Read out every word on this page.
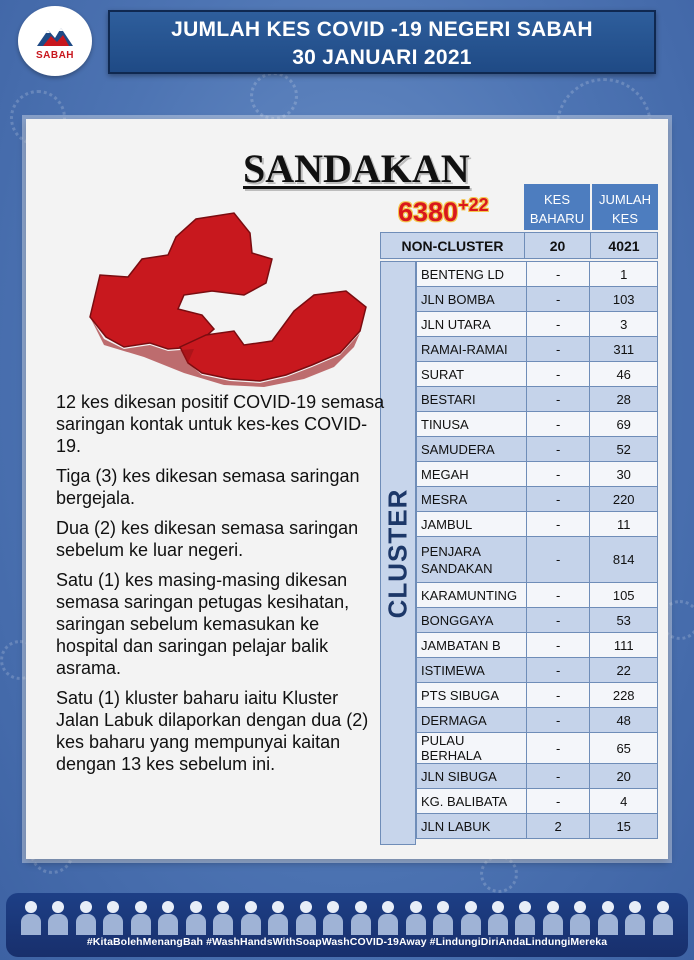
SABAH
JUMLAH KES COVID -19 NEGERI SABAH
30 JANUARI 2021
SANDAKAN
$6380^{+22}$	KES BAHARU
JUMLAH KES
NON-CLUSTER	20	4021
CLUSTER
BENTENG LD	-	1
JLN BOMBA	-	103
JLN UTARA	-	3
RAMAI-RAMAI	-	311
SURAT	-	46
BESTARI	-	28
TINUSA	-	69
SAMUDERA	-	52
MEGAH	-	30
MESRA	-	220
JAMBUL	-	11
PENJARA SANDAKAN	-	814
KARAMUNTING	-	105
BONGGAYA	-	53
JAMBATAN B	-	111
ISTIMEWA	-	22
PTS SIBUGA	-	228
DERMAGA	-	48
PULAU BERHALA	-	65
JLN SIBUGA	-	20
KG. BALIBATA	-	4
JLN LABUK	2	15

12 kes dikesan positif COVID-19 semasa saringan kontak untuk kes-kes COVID-19.

Tiga (3) kes dikesan semasa saringan bergejala.

Dua (2) kes dikesan semasa saringan sebelum ke luar negeri.

Satu (1) kes masing-masing dikesan semasa saringan petugas kesihatan, saringan sebelum kemasukan ke hospital dan saringan pelajar balik asrama.

Satu (1) kluster baharu iaitu Kluster Jalan Labuk dilaporkan dengan dua (2) kes baharu yang mempunyai kaitan dengan 13 kes sebelum ini.

#KitaBolehMenangBah #WashHandsWithSoapWashCOVID-19Away #LindungiDiriAndaLindungiMereka
